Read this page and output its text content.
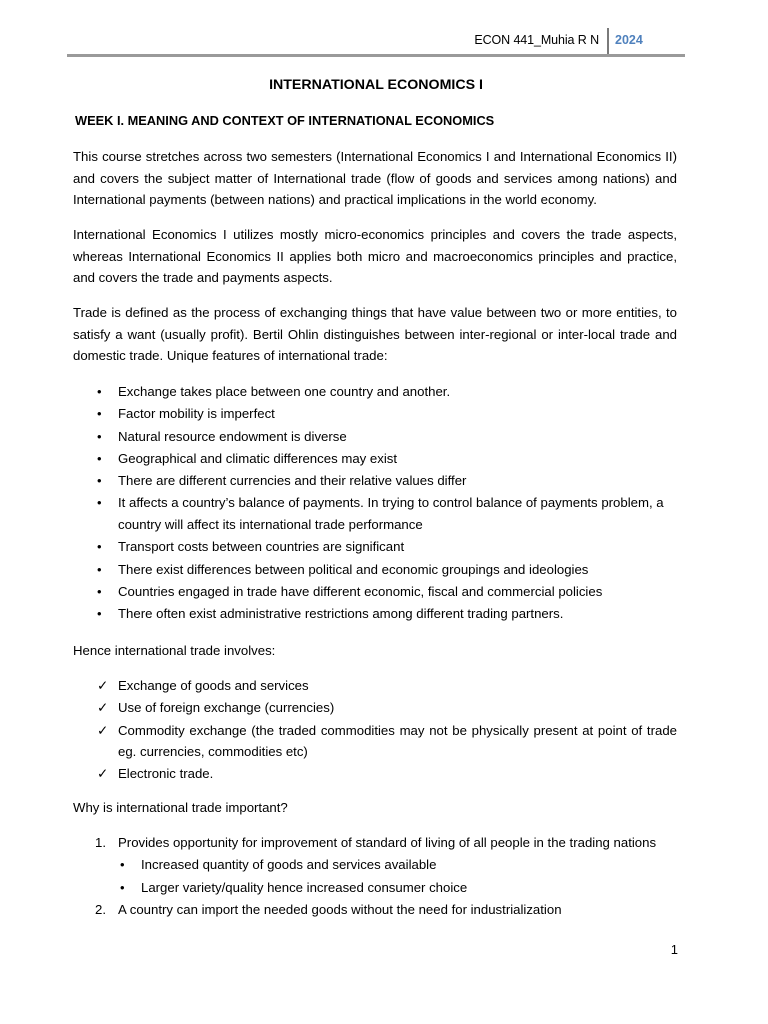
ECON 441_Muhia R N 2024
INTERNATIONAL ECONOMICS I
WEEK I. MEANING AND CONTEXT OF INTERNATIONAL ECONOMICS

This course stretches across two semesters (International Economics I and International Economics II) and covers the subject matter of International trade (flow of goods and services among nations) and International payments (between nations) and practical implications in the world economy.

International Economics I utilizes mostly micro-economics principles and covers the trade aspects, whereas International Economics II applies both micro and macroeconomics principles and practice, and covers the trade and payments aspects.

Trade is defined as the process of exchanging things that have value between two or more entities, to satisfy a want (usually profit). Bertil Ohlin distinguishes between inter-regional or inter-local trade and domestic trade. Unique features of international trade:

• Exchange takes place between one country and another.
• Factor mobility is imperfect
• Natural resource endowment is diverse
• Geographical and climatic differences may exist
• There are different currencies and their relative values differ
• It affects a country’s balance of payments. In trying to control balance of payments problem, a country will affect its international trade performance
• Transport costs between countries are significant
• There exist differences between political and economic groupings and ideologies
• Countries engaged in trade have different economic, fiscal and commercial policies
• There often exist administrative restrictions among different trading partners.

Hence international trade involves:

✓ Exchange of goods and services
✓ Use of foreign exchange (currencies)
✓ Commodity exchange (the traded commodities may not be physically present at point of trade eg. currencies, commodities etc)
✓ Electronic trade.

Why is international trade important?

1. Provides opportunity for improvement of standard of living of all people in the trading nations
• Increased quantity of goods and services available
• Larger variety/quality hence increased consumer choice
2. A country can import the needed goods without the need for industrialization
1
